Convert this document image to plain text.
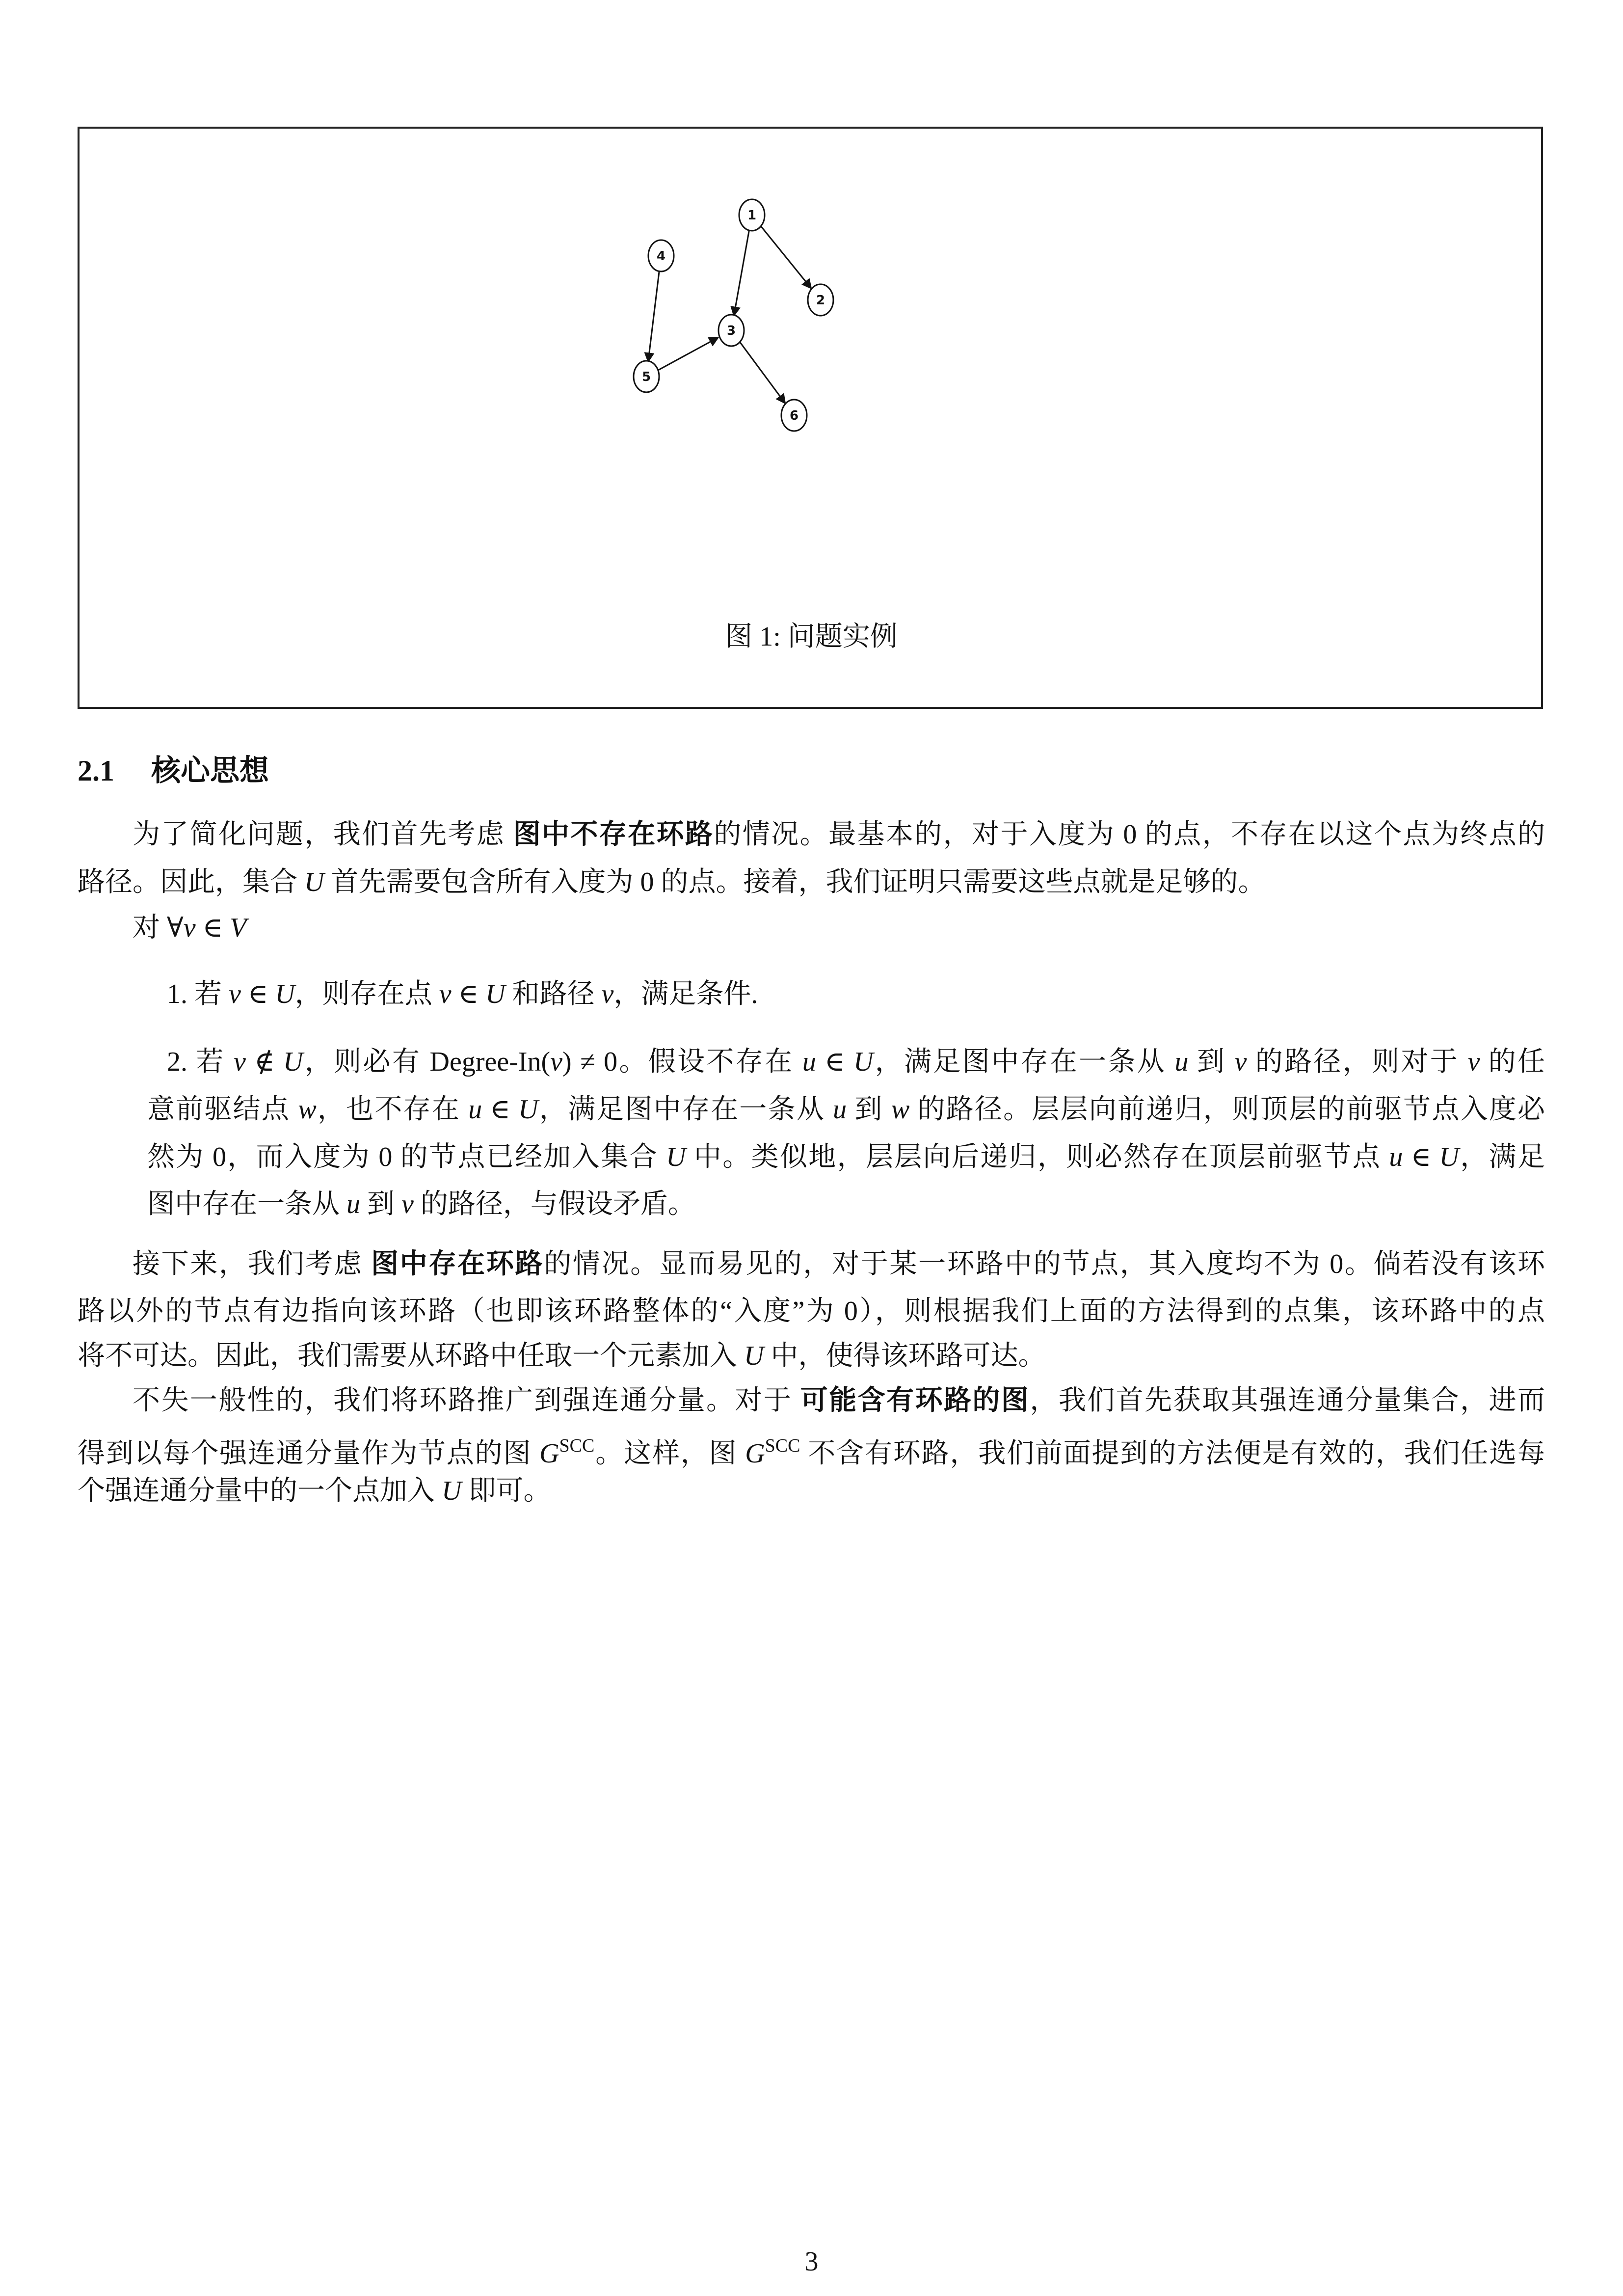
1
2
3
4
5
6
图 1: 问题实例
2.1 核心思想
为了简化问题，我们首先考虑 图中不存在环路的情况。最基本的，对于入度为 0 的点，不存在以这个点为终点的
路径。因此，集合 U 首先需要包含所有入度为 0 的点。接着，我们证明只需要这些点就是足够的。
对 ∀v ∈ V
1. 若 v ∈ U，则存在点 v ∈ U 和路径 v，满足条件.
2. 若 v ∉ U，则必有 Degree-In(v) ≠ 0。假设不存在 u ∈ U，满足图中存在一条从 u 到 v 的路径，则对于 v 的任
意前驱结点 w，也不存在 u ∈ U，满足图中存在一条从 u 到 w 的路径。层层向前递归，则顶层的前驱节点入度必
然为 0，而入度为 0 的节点已经加入集合 U 中。类似地，层层向后递归，则必然存在顶层前驱节点 u ∈ U，满足
图中存在一条从 u 到 v 的路径，与假设矛盾。
接下来，我们考虑 图中存在环路的情况。显而易见的，对于某一环路中的节点，其入度均不为 0。倘若没有该环
路以外的节点有边指向该环路（也即该环路整体的“入度”为 0），则根据我们上面的方法得到的点集，该环路中的点
将不可达。因此，我们需要从环路中任取一个元素加入 U 中，使得该环路可达。
不失一般性的，我们将环路推广到强连通分量。对于 可能含有环路的图，我们首先获取其强连通分量集合，进而
得到以每个强连通分量作为节点的图 $G^{SCC}$。这样，图 $G^{SCC}$ 不含有环路，我们前面提到的方法便是有效的，我们任选每
个强连通分量中的一个点加入 U 即可。
3
